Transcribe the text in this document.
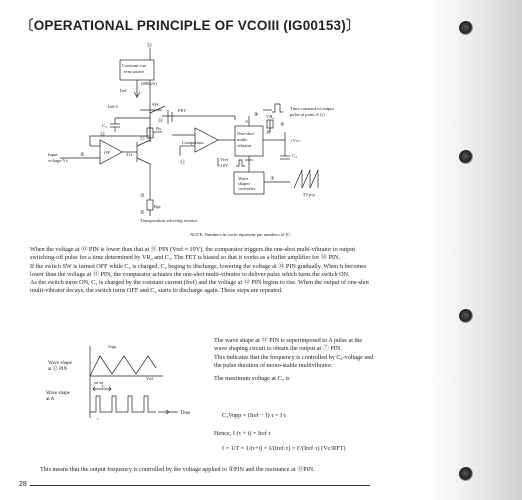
〔OPERATIONAL PRINCIPLE OF VCOIII (IG00153)〕
Constant cur-
rent source
(800μA)
Iref
Iref-I	SW
C₃
FET
VR₄
Rv
Comparator
One-shot
multi-
vibrator
A
+Vcc
Vref
≈10V
Wave
shaper
converter
Tr1
OP
Input
voltage Vc
Rpt
Transposition selecting resistor
Time constant of output
pulse at point A (τ)
3Vp-p
C₄
NOTE: Numbers in circle represent pin numbers of IC
⑮
⑭
⑬
⑪
⑫
⑤
⑨
⑩
⑦
③
①
②

When the voltage at ⑫ PIN is lower than that at ⑪ PIN (Vref ≈ 10V), the comparator triggers the one-shot multi-vibrator to output switching-off pulse for a time determined by VR₄ and C₃. The FET is biased so that it works as a buffer amplifier for ⑭ PIN.

If the switch SW is turned OFF while C₂ is charged, C₂ beging to discharge, lowering the voltage at ⑫ PIN gradually. When it becomes lower than the voltage at ⑪ PIN, the comparator actuates the one-shot multi-vibrator to deliver pulse which turns the switch ON.

As the switch turns ON, C₂ is charged by the constant current (Iref) and the voltage at ⑫ PIN brgins to rise. When the output of one-shot multi-vibrator decays, the switch turns OFF and C₂ starts to discharge again. These steps are repeated.

Wave shape
at ⑫ PIN
Wave shape
at A
Vopp
Vref
on on
T
τ
Time

The wave shape at ⑫ PIN is superimposed to A pulse at the wave shaping circuit to obtain the output at ⑦ PIN.

This indicates that the frequency is controlled by C₄-voltage and the pulse duration of mono-stable multivibrator.

The maximum voltage at C₃ is

C₃Vopp = (Iref − I) τ = I·t
Hence, I (τ + t) = Iref τ
f = 1/T = 1/(τ+t) = I/(Iref·τ) = I′/(Iref·τ) (Vc/RFT)
This means that the output frequency is controlled by the voltage applied to ②PIN and the resistance at ⑪PIN.
28
